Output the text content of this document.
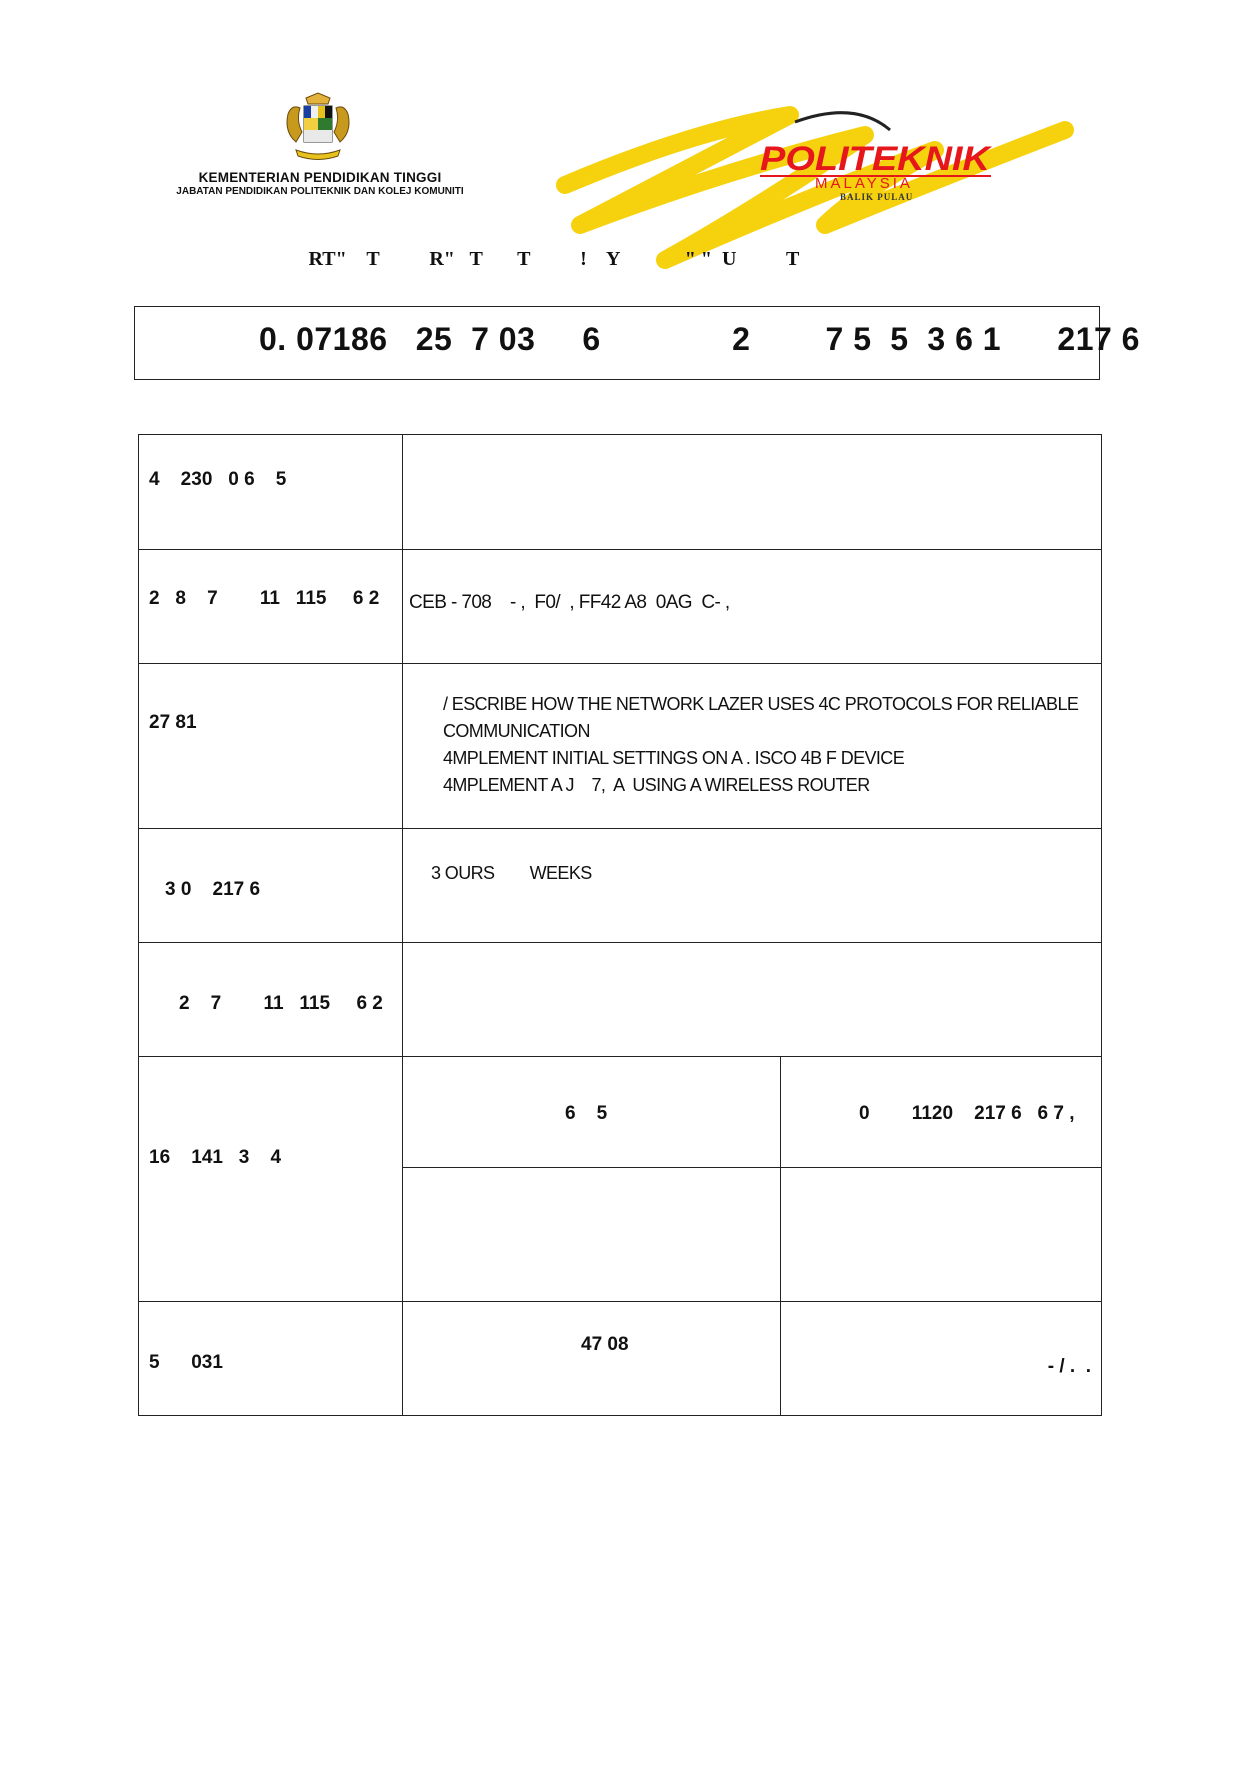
KEMENTERIAN PENDIDIKAN TINGGI
JABATAN PENDIDIKAN POLITEKNIK DAN KOLEJ KOMUNITI
POLITEKNIK
MALAYSIA
BALIK PULAU
  RT"    T          R"   T       T          !    Y             " "  U          T
0. 07186   25  7 03     6              2        7 5  5  3 6 1      217 6
4    230   0 6    5		

2   8    7        11   115     6 2	CEB - 708    - ,  F0/  , FF42 A8  0AG  C- ,	

27 81	/ ESCRIBE HOW THE NETWORK LAZER USES 4C PROTOCOLS FOR RELIABLE
COMMUNICATION
4MPLEMENT INITIAL SETTINGS ON A . ISCO 4B F DEVICE
4MPLEMENT A J    7,  A  USING A WIRELESS ROUTER	

3 0    217 6	3 OURS        WEEKS	

2    7        11   115     6 2		

16    141   3    4	6    5	0        1120    217 6   6 7 ,

5      031	47 08	- / .  .
